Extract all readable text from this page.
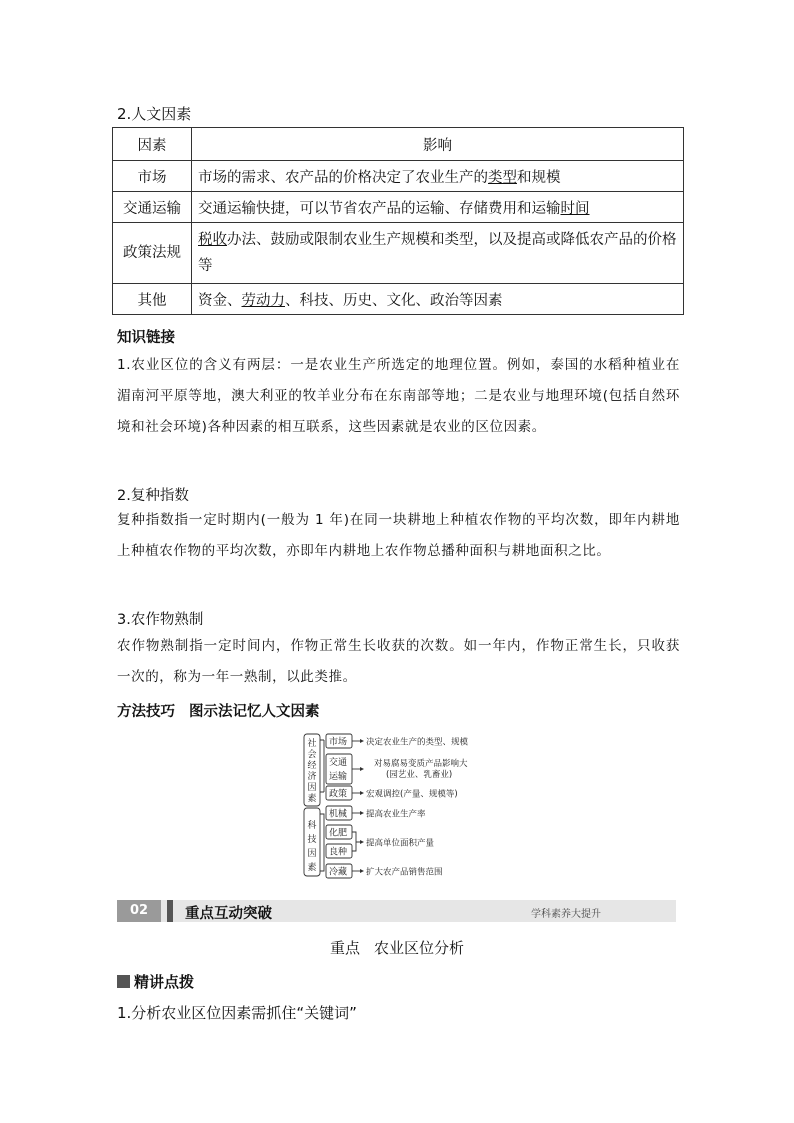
2.人文因素
因素	影响
市场	市场的需求、农产品的价格决定了农业生产的类型和规模
交通运输	交通运输快捷，可以节省农产品的运输、存储费用和运输时间
政策法规	税收办法、鼓励或限制农业生产规模和类型，以及提高或降低农产品的价格等
其他	资金、劳动力、科技、历史、文化、政治等因素
知识链接
1.农业区位的含义有两层：一是农业生产所选定的地理位置。例如，泰国的水稻种植业在湄南河平原等地，澳大利亚的牧羊业分布在东南部等地；二是农业与地理环境(包括自然环境和社会环境)各种因素的相互联系，这些因素就是农业的区位因素。
2.复种指数
复种指数指一定时期内(一般为 1 年)在同一块耕地上种植农作物的平均次数，即年内耕地上种植农作物的平均次数，亦即年内耕地上农作物总播种面积与耕地面积之比。
3.农作物熟制
农作物熟制指一定时间内，作物正常生长收获的次数。如一年内，作物正常生长，只收获一次的，称为一年一熟制，以此类推。
方法技巧 图示法记忆人文因素
社会经济因素
科技因素
市场
交通
运输
政策
机械
化肥
良种
冷藏
决定农业生产的类型、规模
对易腐易变质产品影响大
(园艺业、乳畜业)
宏观调控(产量、规模等)
提高农业生产率
提高单位面积产量
扩大农产品销售范围
02	重点互动突破	学科素养大提升
重点 农业区位分析
精讲点拨
1.分析农业区位因素需抓住“关键词”
